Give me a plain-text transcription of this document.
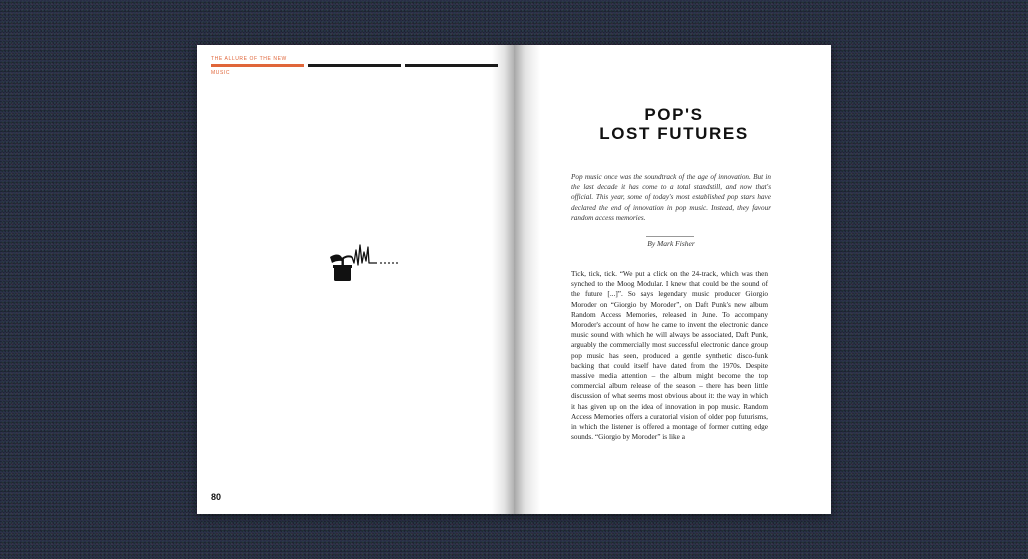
THE ALLURE OF THE NEW
MUSIC
80
POP'S
LOST FUTURES
Pop music once was the soundtrack of the age of innovation. But in the last decade it has come to a total standstill, and now that's official. This year, some of today's most established pop stars have declared the end of innovation in pop music. Instead, they favour random access memories.
By Mark Fisher
Tick, tick, tick. “We put a click on the 24-track, which was then synched to the Moog Modular. I knew that could be the sound of the future [...]”. So says legendary music producer Giorgio Moroder on “Giorgio by Moroder”, on Daft Punk's new album Random Access Memories, released in June. To accompany Moroder's account of how he came to invent the electronic dance music sound with which he will always be associated, Daft Punk, arguably the commercially most successful electronic dance group pop music has seen, produced a gentle synthetic disco-funk backing that could itself have dated from the 1970s. Despite massive media attention – the album might become the top commercial album release of the season – there has been little discussion of what seems most obvious about it: the way in which it has given up on the idea of innovation in pop music. Random Access Memories offers a curatorial vision of older pop futurisms, in which the listener is offered a montage of former cutting edge sounds. “Giorgio by Moroder” is like a
